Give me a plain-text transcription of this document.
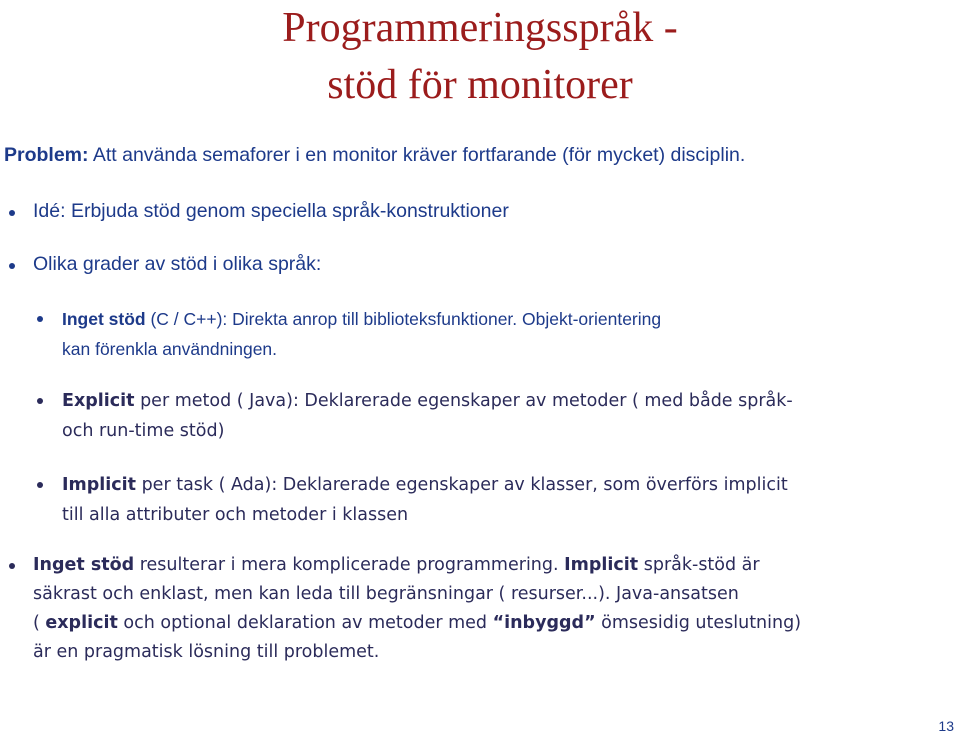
Programmeringsspråk -
stöd för monitorer
Problem: Att använda semaforer i en monitor kräver fortfarande (för mycket) disciplin.
Idé: Erbjuda stöd genom speciella språk-konstruktioner
Olika grader av stöd i olika språk:
Inget stöd (C / C++): Direkta anrop till biblioteksfunktioner. Objekt-orientering
kan förenkla användningen.
Explicit per metod ( Java): Deklarerade egenskaper av metoder ( med både språk-
och run-time stöd)
Implicit per task ( Ada): Deklarerade egenskaper av klasser, som överförs implicit
till alla attributer och metoder i klassen
Inget stöd resulterar i mera komplicerade programmering. Implicit språk-stöd är
säkrast och enklast, men kan leda till begränsningar ( resurser...). Java-ansatsen
( explicit och optional deklaration av metoder med “inbyggd” ömsesidig uteslutning)
är en pragmatisk lösning till problemet.
13
